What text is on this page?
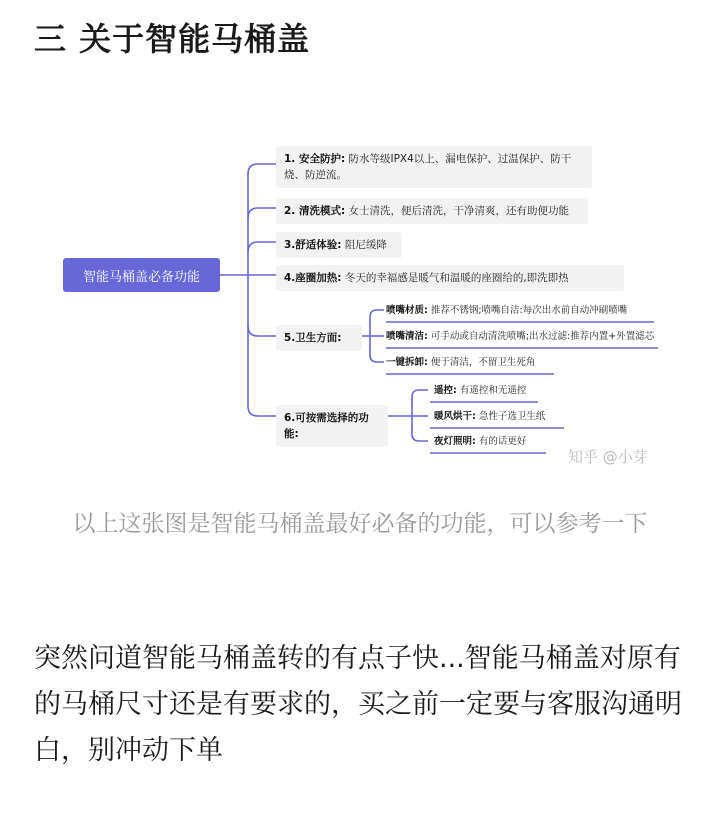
三 关于智能马桶盖
智能马桶盖必备功能
1. 安全防护: 防水等级IPX4以上、漏电保护、过温保护、防干烧、防逆流。
2. 清洗模式: 女士清洗，便后清洗，干净清爽，还有助便功能
3.舒适体验: 阻尼缓降
4.座圈加热: 冬天的幸福感是暖气和温暖的座圈给的,即洗即热
5.卫生方面:
6.可按需选择的功能:
喷嘴材质: 推荐不锈钢;喷嘴自洁:每次出水前自动冲刷喷嘴
喷嘴清洁: 可手动或自动清洗喷嘴;出水过滤:推荐内置+外置滤芯
一键拆卸: 便于清洁，不留卫生死角
遥控: 有遥控和无遥控
暖风烘干: 急性子选卫生纸
夜灯照明: 有的话更好
知乎 @小芽

以上这张图是智能马桶盖最好必备的功能，可以参考一下

突然问道智能马桶盖转的有点子快...智能马桶盖对原有的马桶尺寸还是有要求的，买之前一定要与客服沟通明白，别冲动下单
